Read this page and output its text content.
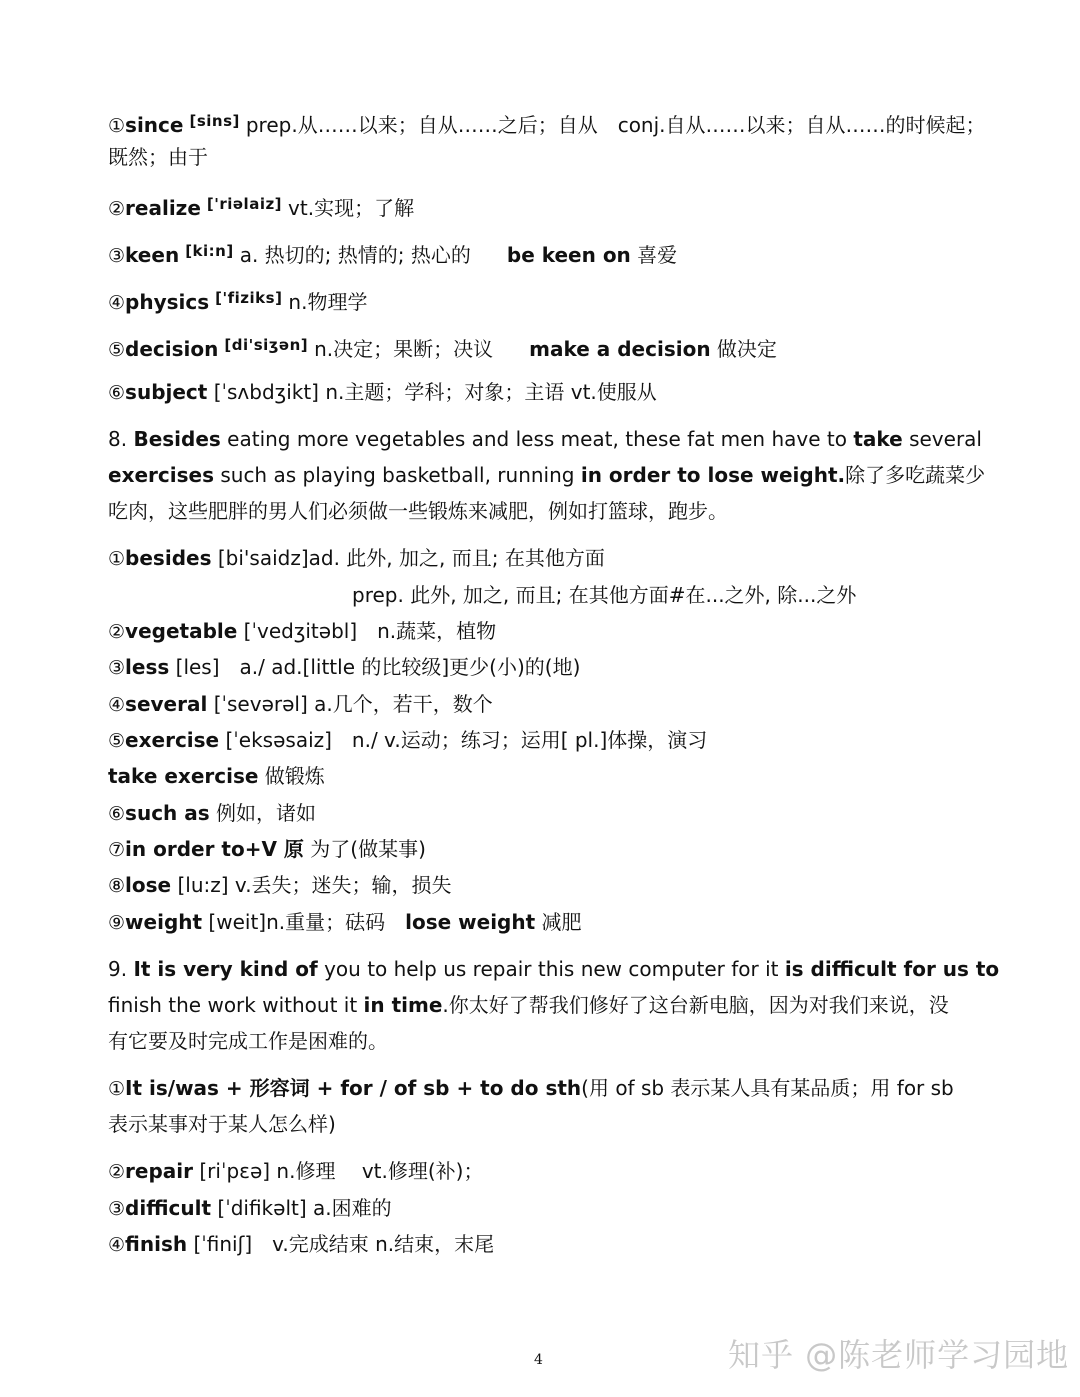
①since [sins] prep.从……以来；自从……之后；自从　conj.自从……以来；自从……的时候起；
既然；由于
②realize ['riəlaiz] vt.实现；了解
③keen [ki:n] a. 热切的; 热情的; 热心的 be keen on 喜爱
④physics ['fiziks] n.物理学
⑤decision [di'siʒən] n.决定；果断；决议 make a decision 做决定
⑥subject [ˈsʌbdʒikt] n.主题；学科；对象；主语 vt.使服从
8. Besides eating more vegetables and less meat, these fat men have to take several
exercises such as playing basketball, running in order to lose weight.除了多吃蔬菜少
吃肉，这些肥胖的男人们必须做一些锻炼来减肥，例如打篮球，跑步。
①besides [bi'saidz]ad. 此外, 加之, 而且; 在其他方面
prep. 此外, 加之, 而且; 在其他方面#在...之外, 除...之外
②vegetable [ˈvedʒitəbl]　n.蔬菜，植物
③less [les]　a./ ad.[little 的比较级]更少(小)的(地)
④several [ˈsevərəl] a.几个，若干，数个
⑤exercise [ˈeksəsaiz]　n./ v.运动；练习；运用[ pl.]体操，演习
take exercise 做锻炼
⑥such as 例如，诸如
⑦in order to+V 原 为了(做某事)
⑧lose [lu:z] v.丢失；迷失；输，损失
⑨weight [weit]n.重量；砝码　lose weight 减肥
9. It is very kind of you to help us repair this new computer for it is difficult for us to
finish the work without it in time.你太好了帮我们修好了这台新电脑，因为对我们来说，没
有它要及时完成工作是困难的。
①It is/was + 形容词 + for / of sb + to do sth(用 of sb 表示某人具有某品质；用 for sb
表示某事对于某人怎么样)
②repair [riˈpɛə] n.修理　 vt.修理(补)；
③difficult [ˈdifikəlt] a.困难的
④finish [ˈfiniʃ]　v.完成结束 n.结束，末尾
知乎 @陈老师学习园地
4
